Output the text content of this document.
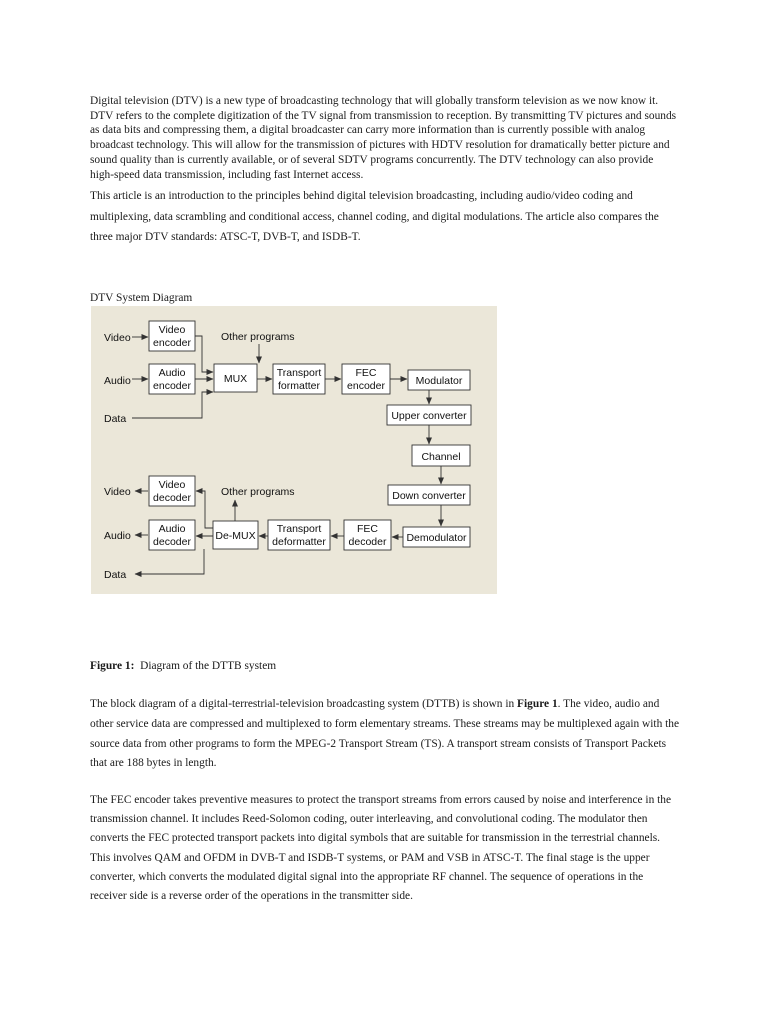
Digital television (DTV) is a new type of broadcasting technology that will globally transform television as we now know it. DTV refers to the complete digitization of the TV signal from transmission to reception. By transmitting TV pictures and sounds as data bits and compressing them, a digital broadcaster can carry more information than is currently possible with analog broadcast technology. This will allow for the transmission of pictures with HDTV resolution for dramatically better picture and sound quality than is currently available, or of several SDTV programs concurrently. The DTV technology can also provide high-speed data transmission, including fast Internet access.

This article is an introduction to the principles behind digital television broadcasting, including audio/video coding and multiplexing, data scrambling and conditional access, channel coding, and digital modulations. The article also compares the three major DTV standards: ATSC-T, DVB-T, and ISDB-T.

DTV System Diagram

Video
Audio
Data
Video
encoder
Audio
encoder
Other programs
MUX	Transport
formatter
FEC
encoder	Modulator
Upper converter
Channel
Down converter
Demodulator
FEC
decoder
Transport
deformatter
De-MUX
Other programs
Video
decoder
Audio
decoder
Video
Audio
Data

Figure 1: Diagram of the DTTB system

The block diagram of a digital-terrestrial-television broadcasting system (DTTB) is shown in Figure 1. The video, audio and other service data are compressed and multiplexed to form elementary streams. These streams may be multiplexed again with the source data from other programs to form the MPEG-2 Transport Stream (TS). A transport stream consists of Transport Packets that are 188 bytes in length.

The FEC encoder takes preventive measures to protect the transport streams from errors caused by noise and interference in the transmission channel. It includes Reed-Solomon coding, outer interleaving, and convolutional coding. The modulator then converts the FEC protected transport packets into digital symbols that are suitable for transmission in the terrestrial channels. This involves QAM and OFDM in DVB-T and ISDB-T systems, or PAM and VSB in ATSC-T. The final stage is the upper converter, which converts the modulated digital signal into the appropriate RF channel. The sequence of operations in the receiver side is a reverse order of the operations in the transmitter side.
